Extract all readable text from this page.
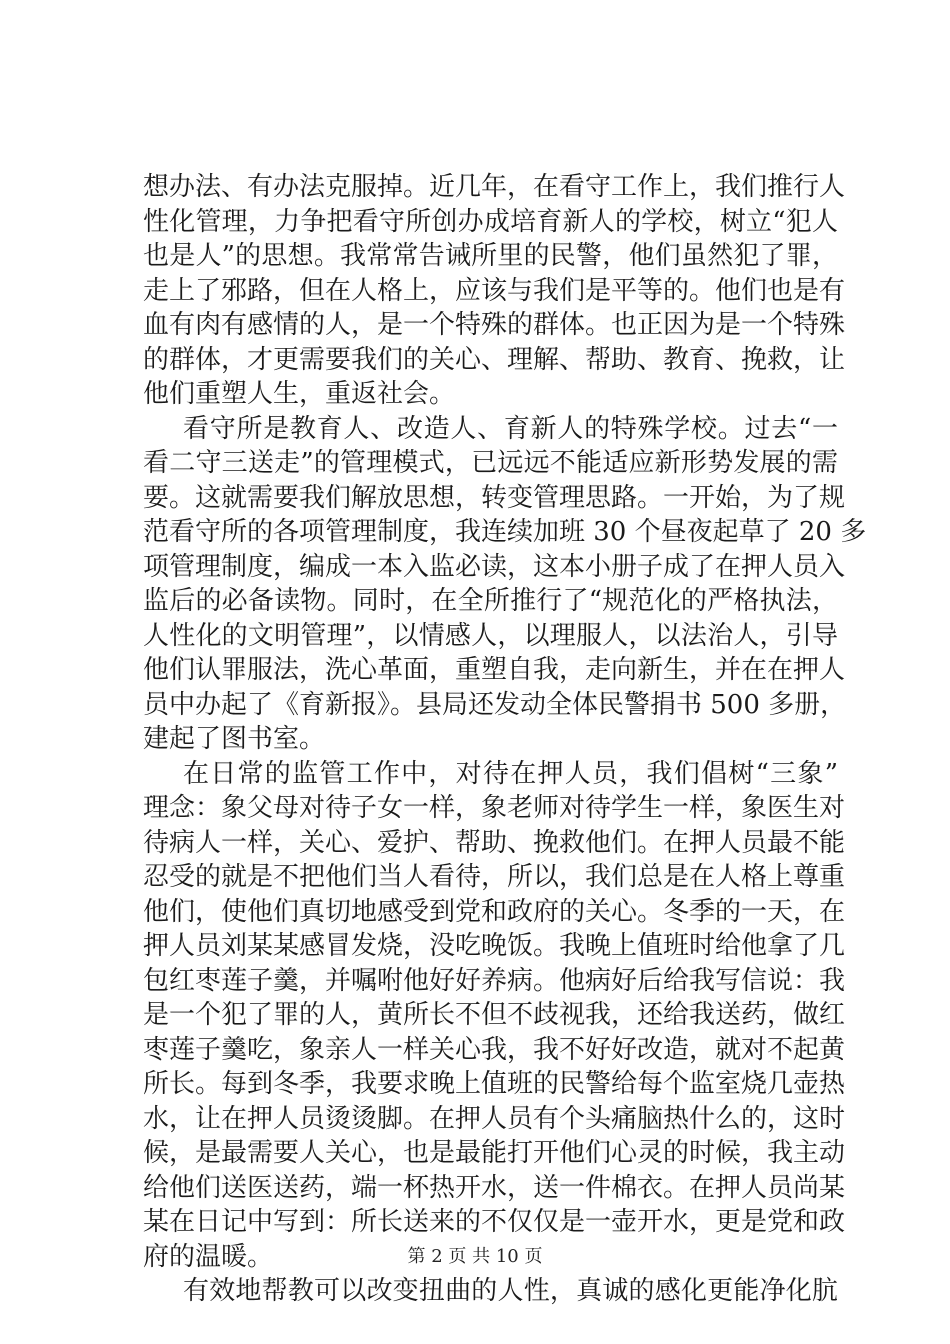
想办法、有办法克服掉。近几年，在看守工作上，我们推行人
性化管理，力争把看守所创办成培育新人的学校，树立“犯人
也是人”的思想。我常常告诫所里的民警，他们虽然犯了罪，
走上了邪路，但在人格上，应该与我们是平等的。他们也是有
血有肉有感情的人，是一个特殊的群体。也正因为是一个特殊
的群体，才更需要我们的关心、理解、帮助、教育、挽救，让
他们重塑人生，重返社会。
看守所是教育人、改造人、育新人的特殊学校。过去“一
看二守三送走”的管理模式，已远远不能适应新形势发展的需
要。这就需要我们解放思想，转变管理思路。一开始，为了规
范看守所的各项管理制度，我连续加班 30 个昼夜起草了 20 多
项管理制度，编成一本入监必读，这本小册子成了在押人员入
监后的必备读物。同时，在全所推行了“规范化的严格执法，
人性化的文明管理”，以情感人，以理服人，以法治人，引导
他们认罪服法，洗心革面，重塑自我，走向新生，并在在押人
员中办起了《育新报》。县局还发动全体民警捐书 500 多册，
建起了图书室。
在日常的监管工作中，对待在押人员，我们倡树“三象”
理念：象父母对待子女一样，象老师对待学生一样，象医生对
待病人一样，关心、爱护、帮助、挽救他们。在押人员最不能
忍受的就是不把他们当人看待，所以，我们总是在人格上尊重
他们，使他们真切地感受到党和政府的关心。冬季的一天，在
押人员刘某某感冒发烧，没吃晚饭。我晚上值班时给他拿了几
包红枣莲子羹，并嘱咐他好好养病。他病好后给我写信说：我
是一个犯了罪的人，黄所长不但不歧视我，还给我送药，做红
枣莲子羹吃，象亲人一样关心我，我不好好改造，就对不起黄
所长。每到冬季，我要求晚上值班的民警给每个监室烧几壶热
水，让在押人员烫烫脚。在押人员有个头痛脑热什么的，这时
候，是最需要人关心，也是最能打开他们心灵的时候，我主动
给他们送医送药，端一杯热开水，送一件棉衣。在押人员尚某
某在日记中写到：所长送来的不仅仅是一壶开水，更是党和政
府的温暖。
有效地帮教可以改变扭曲的人性，真诚的感化更能净化肮
第 2 页 共 10 页
